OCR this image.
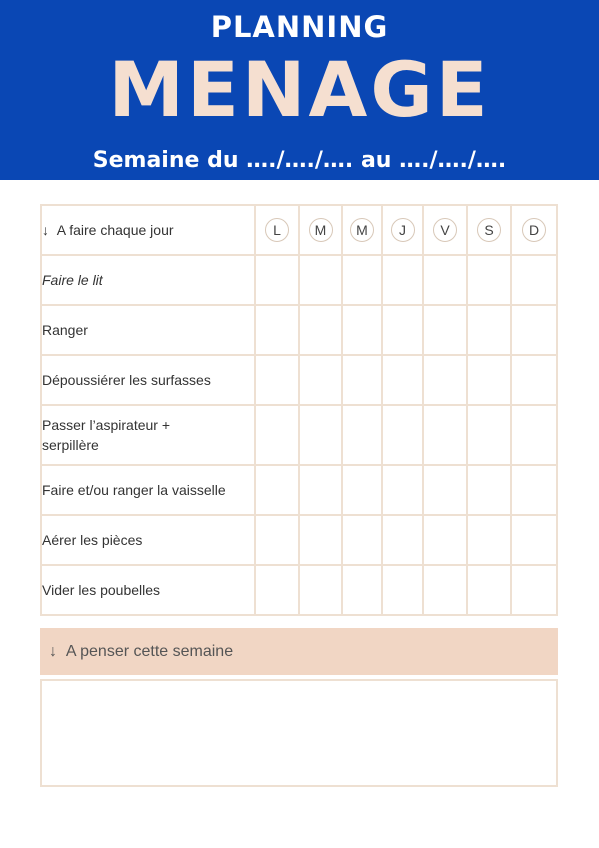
PLANNING
MENAGE
Semaine du …./…./…. au …./…./….
↓ A faire chaque jour	L	M	M	J	V	S	D
Faire le lit							
Ranger							
Dépoussiérer les surfasses							
Passer l’aspirateur + serpillère							
Faire et/ou ranger la vaisselle							
Aérer les pièces							
Vider les poubelles							
↓ A penser cette semaine
